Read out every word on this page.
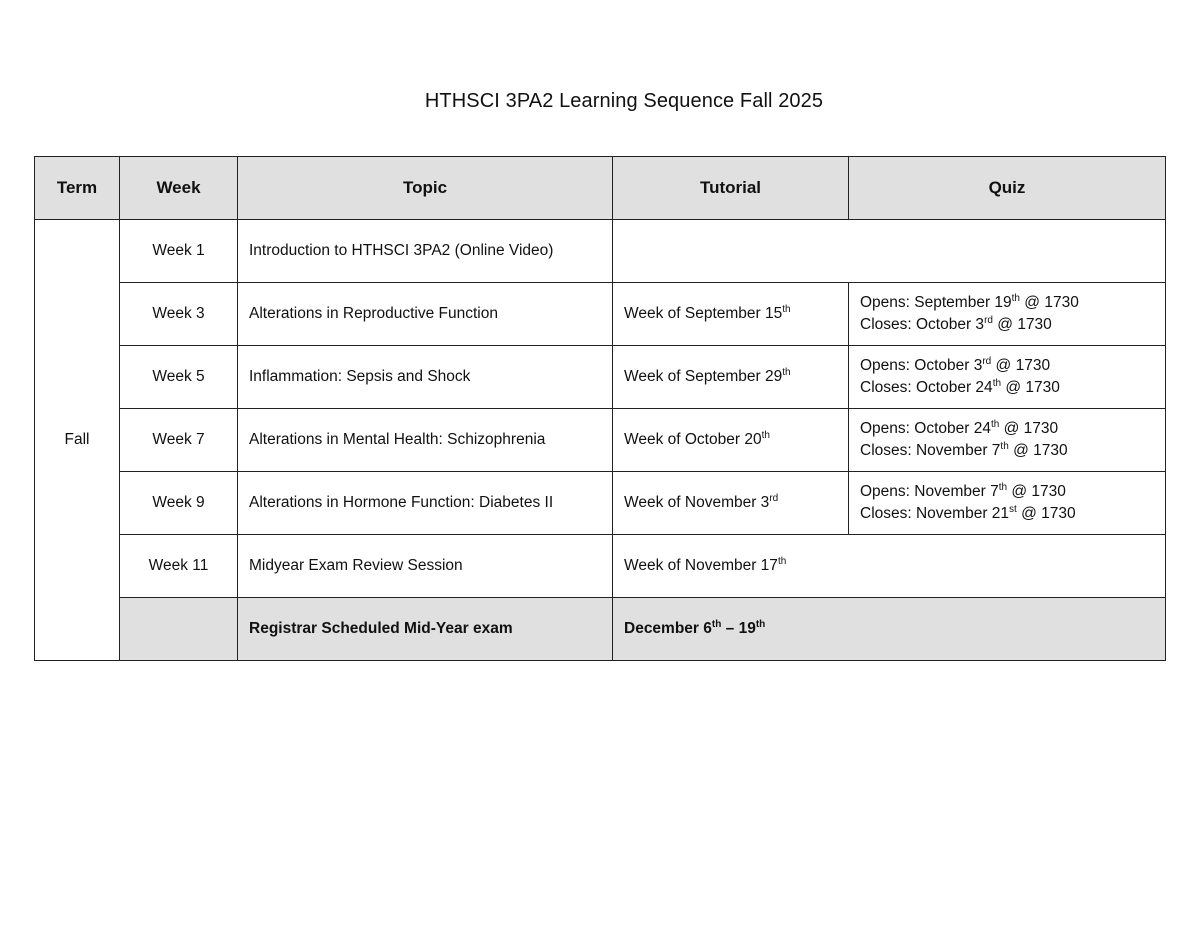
HTHSCI 3PA2 Learning Sequence Fall 2025
Term	Week	Topic	Tutorial	Quiz
Fall	Week 1	Introduction to HTHSCI 3PA2 (Online Video)		
	Week 3	Alterations in Reproductive Function	Week of September 15th	Opens: September 19th @ 1730
Closes: October 3rd @ 1730

	Week 5	Inflammation: Sepsis and Shock	Week of September 29th	Opens: October 3rd @ 1730
Closes: October 24th @ 1730

	Week 7	Alterations in Mental Health: Schizophrenia	Week of October 20th	Opens: October 24th @ 1730
Closes: November 7th @ 1730

	Week 9	Alterations in Hormone Function: Diabetes II	Week of November 3rd	Opens: November 7th @ 1730
Closes: November 21st @ 1730

	Week 11	Midyear Exam Review Session	Week of November 17th
		Registrar Scheduled Mid-Year exam	December 6th – 19th
